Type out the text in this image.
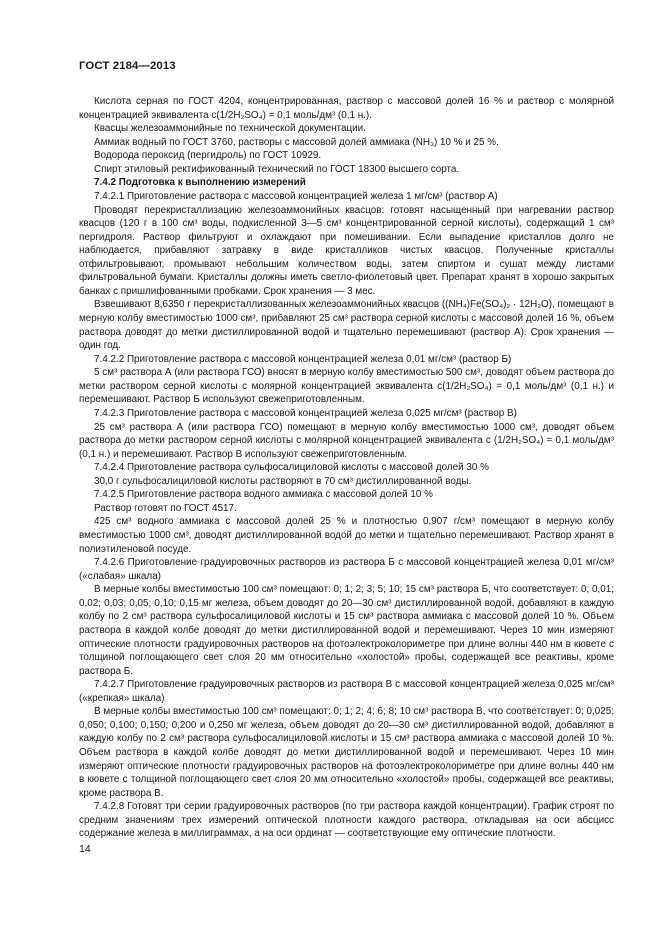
ГОСТ 2184—2013

Кислота серная по ГОСТ 4204, концентрированная, раствор с массовой долей 16 % и раствор с молярной концентрацией эквивалента c(1/2H₂SO₄) = 0,1 моль/дм³ (0,1 н.).

Квасцы железоаммонийные по технической документации.

Аммиак водный по ГОСТ 3760, растворы с массовой долей аммиака (NH₃) 10 % и 25 %.

Водорода пероксид (пергидроль) по ГОСТ 10929.

Спирт этиловый ректификованный технический по ГОСТ 18300 высшего сорта.

7.4.2 Подготовка к выполнению измерений

7.4.2.1 Приготовление раствора с массовой концентрацией железа 1 мг/см³ (раствор А)

Проводят перекристаллизацию железоаммонийных квасцов: готовят насыщенный при нагревании раствор квасцов (120 г в 100 см³ воды, подкисленной 3—5 см³ концентрированной серной кислоты), содержащий 1 см³ пергидроля. Раствор фильтруют и охлаждают при помешивании. Если выпадение кристаллов долго не наблюдается, прибавляют затравку в виде кристалликов чистых квасцов. Полученные кристаллы отфильтровывают, промывают небольшим количеством воды, затем спиртом и сушат между листами фильтровальной бумаги. Кристаллы должны иметь светло-фиолетовый цвет. Препарат хранят в хорошо закрытых банках с пришлифованными пробками. Срок хранения — 3 мес.

Взвешивают 8,6350 г перекристаллизованных железоаммонийных квасцов ((NH₄)Fe(SO₄)₂ · 12H₂O), помещают в мерную колбу вместимостью 1000 см³, прибавляют 25 см³ раствора серной кислоты с массовой долей 16 %, объем раствора доводят до метки дистиллированной водой и тщательно перемешивают (раствор А). Срок хранения — один год.

7.4.2.2 Приготовление раствора с массовой концентрацией железа 0,01 мг/см³ (раствор Б)

5 см³ раствора А (или раствора ГСО) вносят в мерную колбу вместимостью 500 см³, доводят объем раствора до метки раствором серной кислоты с молярной концентрацией эквивалента c(1/2H₂SO₄) = 0,1 моль/дм³ (0,1 н.) и перемешивают. Раствор Б используют свежеприготовленным.

7.4.2.3 Приготовление раствора с массовой концентрацией железа 0,025 мг/см³ (раствор В)

25 см³ раствора А (или раствора ГСО) помещают в мерную колбу вместимостью 1000 см³, доводят объем раствора до метки раствором серной кислоты с молярной концентрацией эквивалента c (1/2H₂SO₄) = 0,1 моль/дм³ (0,1 н.) и перемешивают. Раствор В используют свежеприготовленным.

7.4.2.4 Приготовление раствора сульфосалициловой кислоты с массовой долей 30 %

30,0 г сульфосалициловой кислоты растворяют в 70 см³ дистиллированной воды.

7.4.2.5 Приготовление раствора водного аммиака с массовой долей 10 %

Раствор готовят по ГОСТ 4517.

425 см³ водного аммиака с массовой долей 25 % и плотностью 0,907 г/см³ помещают в мерную колбу вместимостью 1000 см³, доводят дистиллированной водой до метки и тщательно перемешивают. Раствор хранят в полиэтиленовой посуде.

7.4.2.6 Приготовление градуировочных растворов из раствора Б с массовой концентрацией железа 0,01 мг/см³ («слабая» шкала)

В мерные колбы вместимостью 100 см³ помещают: 0; 1; 2; 3; 5; 10; 15 см³ раствора Б, что соответствует: 0; 0,01; 0,02; 0,03; 0,05; 0,10; 0,15 мг железа, объем доводят до 20—30 см³ дистиллированной водой, добавляют в каждую колбу по 2 см³ раствора сульфосалициловой кислоты и 15 см³ раствора аммиака с массовой долей 10 %. Объем раствора в каждой колбе доводят до метки дистиллированной водой и перемешивают. Через 10 мин измеряют оптические плотности градуировочных растворов на фотоэлектроколориметре при длине волны 440 нм в кювете с толщиной поглощающего свет слоя 20 мм относительно «холостой» пробы, содержащей все реактивы, кроме раствора Б.

7.4.2.7 Приготовление градуировочных растворов из раствора В с массовой концентрацией железа 0,025 мг/см³ («крепкая» шкала)

В мерные колбы вместимостью 100 см³ помещают: 0; 1; 2; 4; 6; 8; 10 см³ раствора В, что соответствует: 0; 0,025; 0,050; 0,100; 0,150; 0,200 и 0,250 мг железа, объем доводят до 20—30 см³ дистиллированной водой, добавляют в каждую колбу по 2 см³ раствора сульфосалициловой кислоты и 15 см³ раствора аммиака с массовой долей 10 %. Объем раствора в каждой колбе доводят до метки дистиллированной водой и перемешивают. Через 10 мин измеряют оптические плотности градуировочных растворов на фотоэлектроколориметре при длине волны 440 нм в кювете с толщиной поглощающего свет слоя 20 мм относительно «холостой» пробы, содержащей все реактивы, кроме раствора В.

7.4.2.8 Готовят три серии градуировочных растворов (по три раствора каждой концентрации). График строят по средним значениям трех измерений оптической плотности каждого раствора, откладывая на оси абсцисс содержание железа в миллиграммах, а на оси ординат — соответствующие ему оптические плотности.

14
